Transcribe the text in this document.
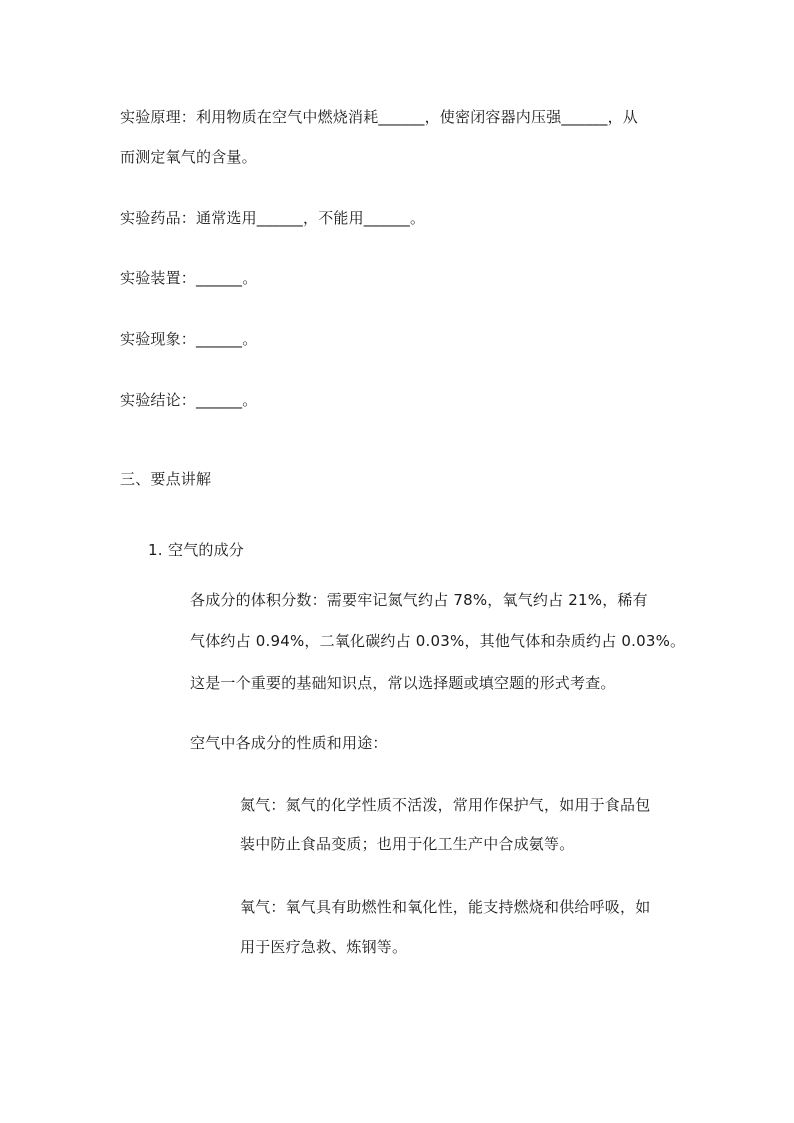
实验原理：利用物质在空气中燃烧消耗______，使密闭容器内压强______，从
而测定氧气的含量。
实验药品：通常选用______，不能用______。
实验装置：______。
实验现象：______。
实验结论：______。
三、要点讲解
1. 空气的成分
各成分的体积分数：需要牢记氮气约占 78%，氧气约占 21%，稀有
气体约占 0.94%，二氧化碳约占 0.03%，其他气体和杂质约占 0.03%。
这是一个重要的基础知识点，常以选择题或填空题的形式考查。
空气中各成分的性质和用途：
氮气：氮气的化学性质不活泼，常用作保护气，如用于食品包
装中防止食品变质；也用于化工生产中合成氨等。
氧气：氧气具有助燃性和氧化性，能支持燃烧和供给呼吸，如
用于医疗急救、炼钢等。
